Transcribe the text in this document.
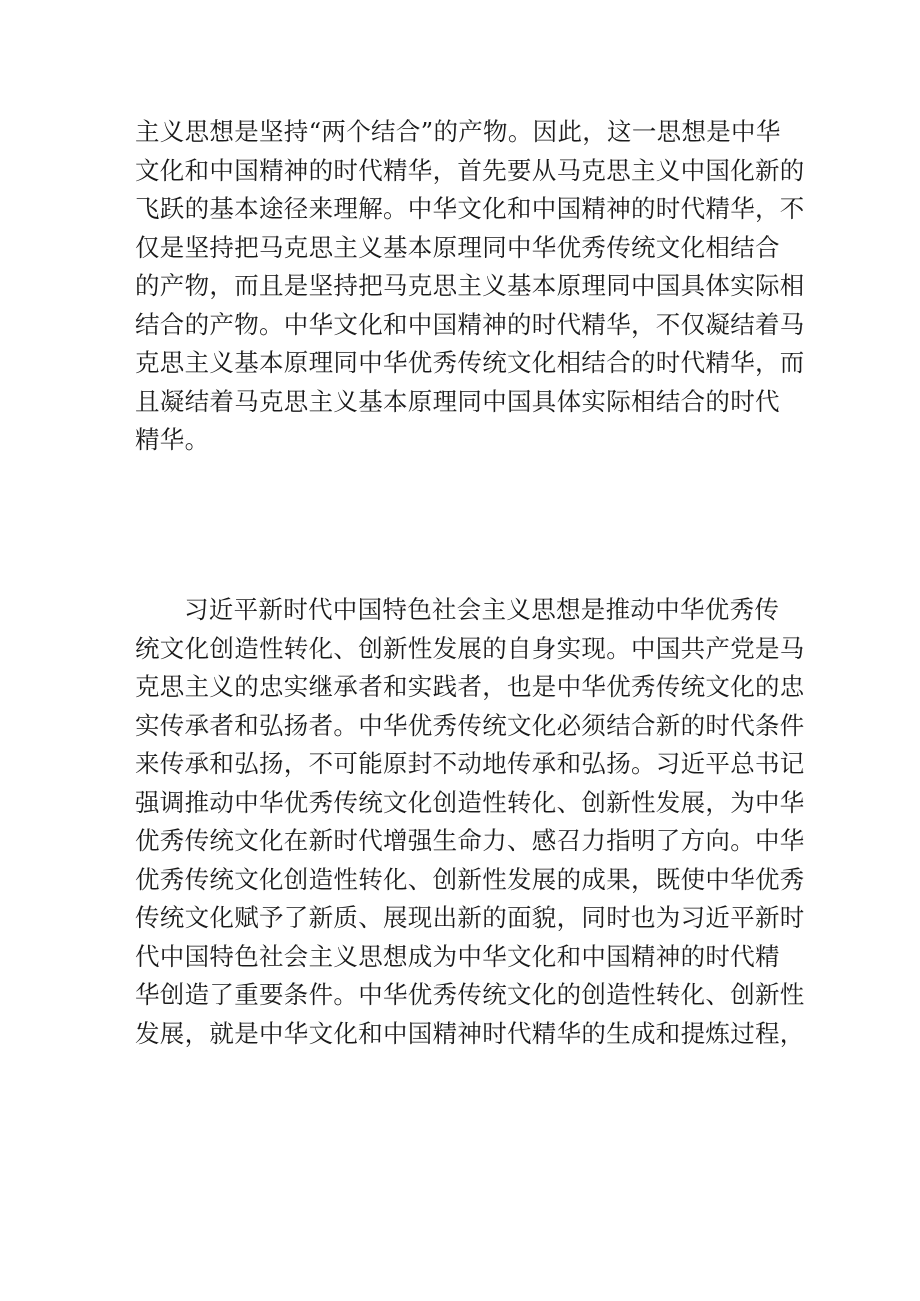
主义思想是坚持“两个结合”的产物。因此，这一思想是中华
文化和中国精神的时代精华，首先要从马克思主义中国化新的
飞跃的基本途径来理解。中华文化和中国精神的时代精华，不
仅是坚持把马克思主义基本原理同中华优秀传统文化相结合
的产物，而且是坚持把马克思主义基本原理同中国具体实际相
结合的产物。中华文化和中国精神的时代精华，不仅凝结着马
克思主义基本原理同中华优秀传统文化相结合的时代精华，而
且凝结着马克思主义基本原理同中国具体实际相结合的时代
精华。
习近平新时代中国特色社会主义思想是推动中华优秀传
统文化创造性转化、创新性发展的自身实现。中国共产党是马
克思主义的忠实继承者和实践者，也是中华优秀传统文化的忠
实传承者和弘扬者。中华优秀传统文化必须结合新的时代条件
来传承和弘扬，不可能原封不动地传承和弘扬。习近平总书记
强调推动中华优秀传统文化创造性转化、创新性发展，为中华
优秀传统文化在新时代增强生命力、感召力指明了方向。中华
优秀传统文化创造性转化、创新性发展的成果，既使中华优秀
传统文化赋予了新质、展现出新的面貌，同时也为习近平新时
代中国特色社会主义思想成为中华文化和中国精神的时代精
华创造了重要条件。中华优秀传统文化的创造性转化、创新性
发展，就是中华文化和中国精神时代精华的生成和提炼过程，
